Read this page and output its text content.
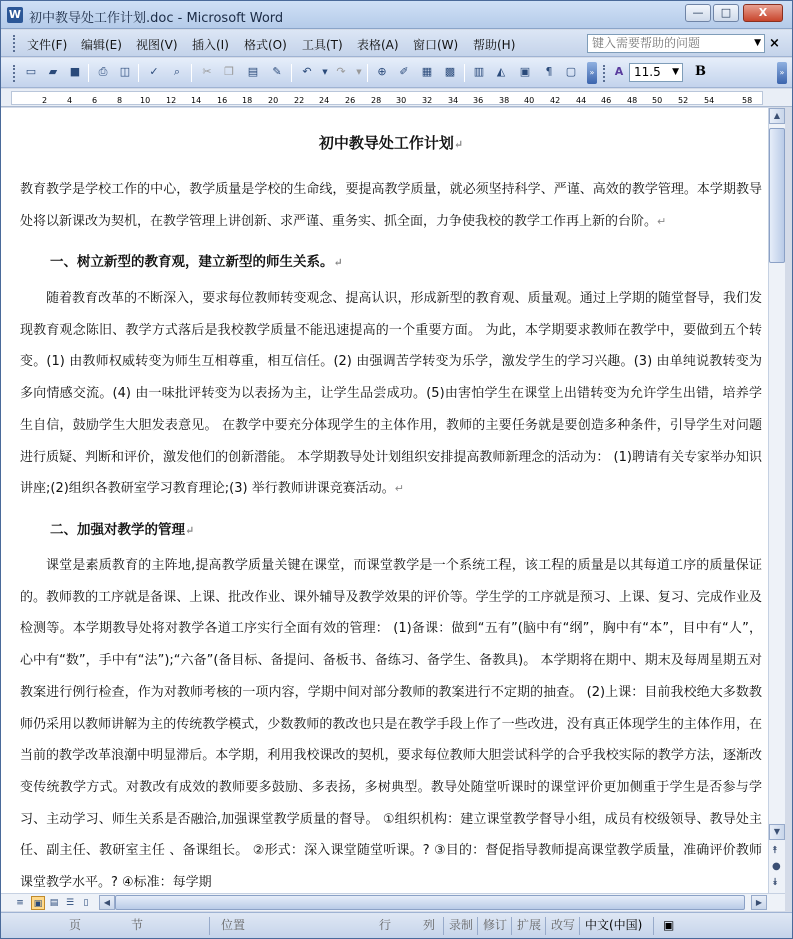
W 初中教导处工作计划.doc - Microsoft Word	—	□	X
文件(F) 编辑(E) 视图(V) 插入(I) 格式(O) 工具(T) 表格(A) 窗口(W) 帮助(H)	键入需要帮助的问题	▼ ×
▭	▰	■	⎙	◫	✓	⌕	✂	❐ ▤	✎	↶	▼ ↷	▼	⊕	✐	▦ ▩ ▥	◭	▣	¶	▢	»	A 11.5 ▼ B	»
2 4 6 8 10 12 14 16 18 20 22 24 26 28 30 32 34 36 38 40 42 44 46 48 50 52 54	58
初中教导处工作计划↵
教育教学是学校工作的中心，教学质量是学校的生命线，要提高教学质量，就必须坚持科学、严谨、高效的教学管理。本学期教导处将以新课改为契机，在教学管理上讲创新、求严谨、重务实、抓全面，力争使我校的教学工作再上新的台阶。↵
一、树立新型的教育观，建立新型的师生关系。↵
随着教育改革的不断深入，要求每位教师转变观念、提高认识，形成新型的教育观、质量观。通过上学期的随堂督导，我们发现教育观念陈旧、教学方式落后是我校教学质量不能迅速提高的一个重要方面。 为此，本学期要求教师在教学中，要做到五个转变。(1) 由教师权威转变为师生互相尊重，相互信任。(2) 由强调苦学转变为乐学，激发学生的学习兴趣。(3) 由单纯说教转变为多向情感交流。(4) 由一味批评转变为以表扬为主，让学生品尝成功。(5)由害怕学生在课堂上出错转变为允许学生出错，培养学生自信，鼓励学生大胆发表意见。 在教学中要充分体现学生的主体作用，教师的主要任务就是要创造多种条件，引导学生对问题进行质疑、判断和评价，激发他们的创新潜能。 本学期教导处计划组织安排提高教师新理念的活动为： (1)聘请有关专家举办知识讲座;(2)组织各教研室学习教育理论;(3) 举行教师讲课竞赛活动。↵
二、加强对教学的管理↵
课堂是素质教育的主阵地,提高教学质量关键在课堂，而课堂教学是一个系统工程，该工程的质量是以其每道工序的质量保证的。教师教的工序就是备课、上课、批改作业、课外辅导及教学效果的评价等。学生学的工序就是预习、上课、复习、完成作业及检测等。本学期教导处将对教学各道工序实行全面有效的管理： (1)备课：做到“五有”(脑中有“纲”，胸中有“本”，目中有“人”，心中有“数”，手中有“法”);“六备”(备目标、备提问、备板书、备练习、备学生、备教具)。 本学期将在期中、期末及每周星期五对教案进行例行检查，作为对教师考核的一项内容，学期中间对部分教师的教案进行不定期的抽查。 (2)上课：目前我校绝大多数教师仍采用以教师讲解为主的传统教学模式，少数教师的教改也只是在教学手段上作了一些改进，没有真正体现学生的主体作用，在当前的教学改革浪潮中明显滞后。本学期，利用我校课改的契机，要求每位教师大胆尝试科学的合乎我校实际的教学方法，逐渐改变传统教学方式。对教改有成效的教师要多鼓励、多表扬，多树典型。教导处随堂听课时的课堂评价更加侧重于学生是否参与学习、主动学习、师生关系是否融洽,加强课堂教学质量的督导。 ①组织机构：建立课堂教学督导小组，成员有校级领导、教导处主任、副主任、教研室主任 、备课组长。 ②形式：深入课堂随堂听课。? ③目的：督促指导教师提高课堂教学质量，准确评价教师课堂教学水平。? ④标准：每学期
▲
▼
⯭
●
⯯
≡	▣ ▤ ☰	▯	◀	▶
页	节	位置	行	列 录制 修订 扩展 改写 中文(中国) ▣
